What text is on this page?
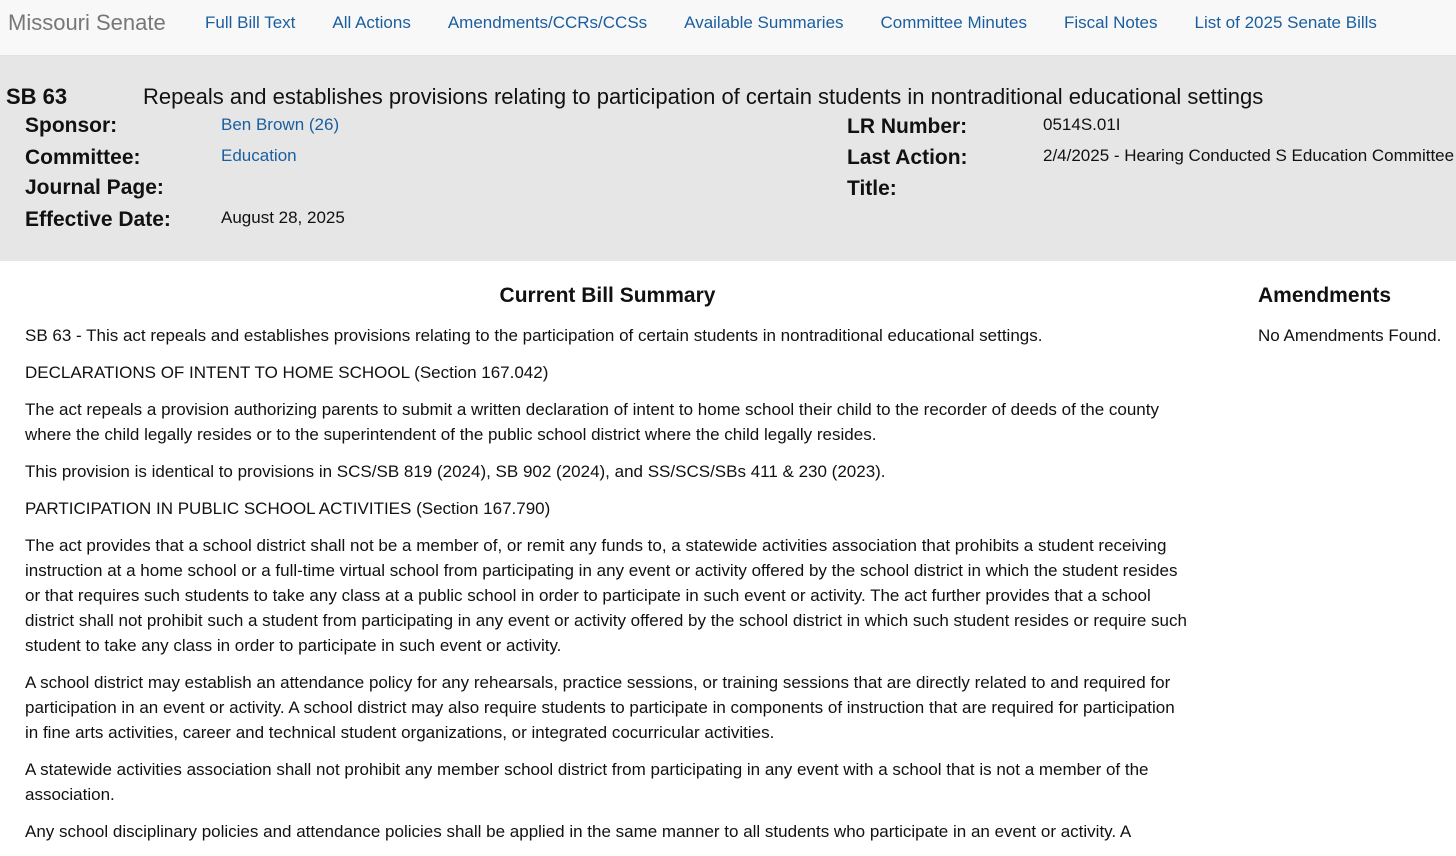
Missouri Senate Full Bill Text All Actions Amendments/CCRs/CCSs Available Summaries Committee Minutes Fiscal Notes List of 2025 Senate Bills
SB 63	Repeals and establishes provisions relating to participation of certain students in nontraditional educational settings
Sponsor:	Ben Brown (26)
Committee:	Education
Journal Page:
Effective Date:	August 28, 2025
LR Number:	0514S.01I
Last Action:	2/4/2025 - Hearing Conducted S Education Committee
Title:
Current Bill Summary

SB 63 - This act repeals and establishes provisions relating to the participation of certain students in nontraditional educational settings.

DECLARATIONS OF INTENT TO HOME SCHOOL (Section 167.042)

The act repeals a provision authorizing parents to submit a written declaration of intent to home school their child to the recorder of deeds of the county where the child legally resides or to the superintendent of the public school district where the child legally resides.

This provision is identical to provisions in SCS/SB 819 (2024), SB 902 (2024), and SS/SCS/SBs 411 & 230 (2023).

PARTICIPATION IN PUBLIC SCHOOL ACTIVITIES (Section 167.790)

The act provides that a school district shall not be a member of, or remit any funds to, a statewide activities association that prohibits a student receiving instruction at a home school or a full-time virtual school from participating in any event or activity offered by the school district in which the student resides or that requires such students to take any class at a public school in order to participate in such event or activity. The act further provides that a school district shall not prohibit such a student from participating in any event or activity offered by the school district in which such student resides or require such student to take any class in order to participate in such event or activity.

A school district may establish an attendance policy for any rehearsals, practice sessions, or training sessions that are directly related to and required for participation in an event or activity. A school district may also require students to participate in components of instruction that are required for participation in fine arts activities, career and technical student organizations, or integrated cocurricular activities.

A statewide activities association shall not prohibit any member school district from participating in any event with a school that is not a member of the association.

Any school disciplinary policies and attendance policies shall be applied in the same manner to all students who participate in an event or activity. A

Amendments

No Amendments Found.
